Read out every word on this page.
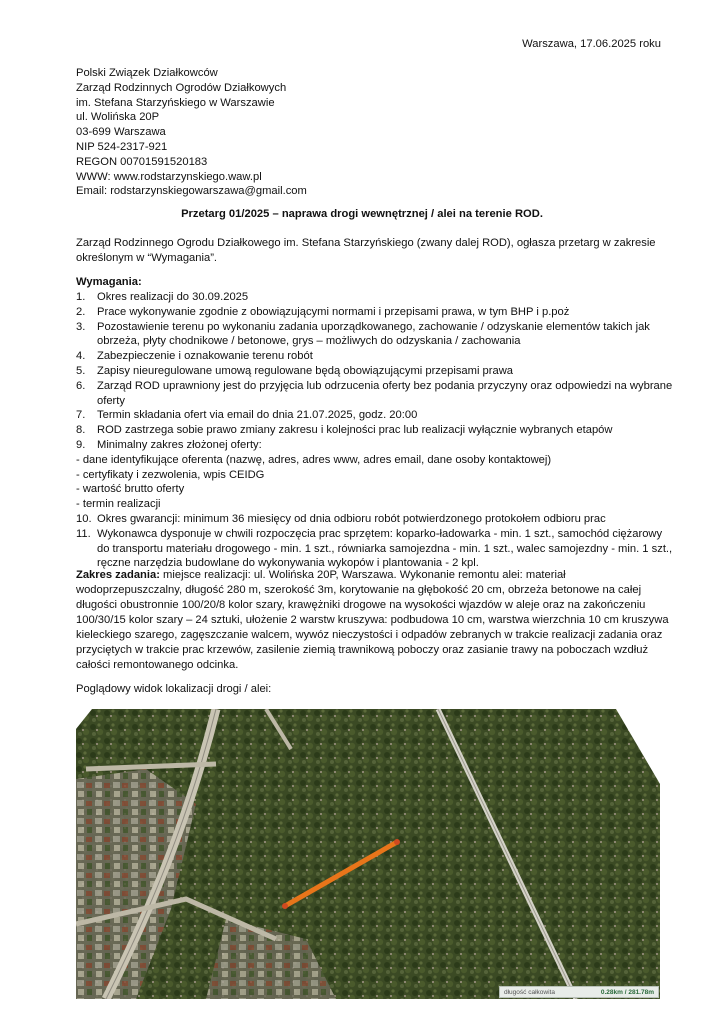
Warszawa, 17.06.2025 roku
Polski Związek Działkowców
Zarząd Rodzinnych Ogrodów Działkowych
im. Stefana Starzyńskiego w Warszawie
ul. Wolińska 20P
03-699 Warszawa
NIP 524-2317-921
REGON 00701591520183
WWW: www.rodstarzynskiego.waw.pl
Email: rodstarzynskiegowarszawa@gmail.com
Przetarg 01/2025 – naprawa drogi wewnętrznej / alei na terenie ROD.
Zarząd Rodzinnego Ogrodu Działkowego im. Stefana Starzyńskiego (zwany dalej ROD), ogłasza przetarg w zakresie określonym w “Wymagania”.
Wymagania:
1.	Okres realizacji do 30.09.2025
2.	Prace wykonywanie zgodnie z obowiązującymi normami i przepisami prawa, w tym BHP i p.poż
3.	Pozostawienie terenu po wykonaniu zadania uporządkowanego, zachowanie / odzyskanie elementów takich jak obrzeża, płyty chodnikowe / betonowe, grys – możliwych do odzyskania / zachowania
4.	Zabezpieczenie i oznakowanie terenu robót
5.	Zapisy nieuregulowane umową regulowane będą obowiązującymi przepisami prawa
6.	Zarząd ROD uprawniony jest do przyjęcia lub odrzucenia oferty bez podania przyczyny oraz odpowiedzi na wybrane oferty
7.	Termin składania ofert via email do dnia 21.07.2025, godz. 20:00
8.	ROD zastrzega sobie prawo zmiany zakresu i kolejności prac lub realizacji wyłącznie wybranych etapów
9.	Minimalny zakres złożonej oferty:
- dane identyfikujące oferenta (nazwę, adres, adres www, adres email, dane osoby kontaktowej)
- certyfikaty i zezwolenia, wpis CEIDG
- wartość brutto oferty
- termin realizacji
10. Okres gwarancji: minimum 36 miesięcy od dnia odbioru robót potwierdzonego protokołem odbioru prac
11. Wykonawca dysponuje w chwili rozpoczęcia prac sprzętem: koparko-ładowarka - min. 1 szt., samochód ciężarowy do transportu materiału drogowego - min. 1 szt., równiarka samojezdna - min. 1 szt., walec samojezdny - min. 1 szt., ręczne narzędzia budowlane do wykonywania wykopów i plantowania - 2 kpl.
Zakres zadania: miejsce realizacji: ul. Wolińska 20P, Warszawa. Wykonanie remontu alei: materiał wodoprzepuszczalny, długość 280 m, szerokość 3m, korytowanie na głębokość 20 cm, obrzeża betonowe na całej długości obustronnie 100/20/8 kolor szary, krawężniki drogowe na wysokości wjazdów w aleje oraz na zakończeniu 100/30/15 kolor szary – 24 sztuki, ułożenie 2 warstw kruszywa: podbudowa 10 cm, warstwa wierzchnia 10 cm kruszywa kieleckiego szarego, zagęszczanie walcem, wywóz nieczystości i odpadów zebranych w trakcie realizacji zadania oraz przyciętych w trakcie prac krzewów, zasilenie ziemią trawnikową poboczy oraz zasianie trawy na poboczach wzdłuż całości remontowanego odcinka.
Poglądowy widok lokalizacji drogi / alei:
długość całkowita	0.28km / 281.78m
